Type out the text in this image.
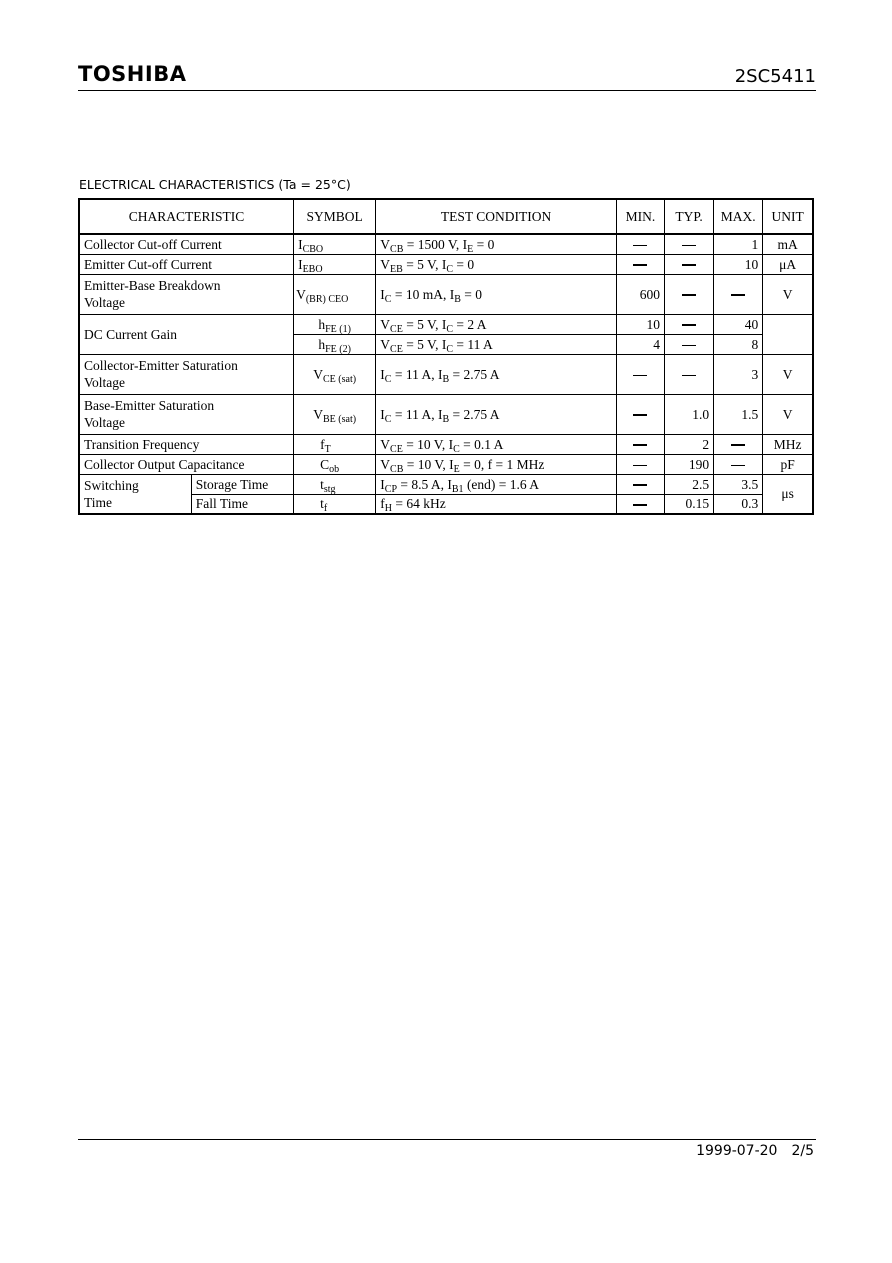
TOSHIBA	2SC5411
ELECTRICAL CHARACTERISTICS (Ta = 25°C)
CHARACTERISTIC		SYMBOL	TEST CONDITION	MIN.	TYP.	MAX.	UNIT
Collector Cut-off Current		$I_{CBO}$	$V_{CB} = 1500$ V, $I_E = 0$			1	mA
Emitter Cut-off Current		$I_{EBO}$	$V_{EB} = 5$ V, $I_C = 0$			10	μA
Emitter-Base Breakdown
Voltage		$V_{(BR) CEO}$	$I_C = 10$ mA, $I_B = 0$	600			V
DC Current Gain		$h_{FE (1)}$	$V_{CE} = 5$ V, $I_C = 2$ A	10		40	
		$h_{FE (2)}$	$V_{CE} = 5$ V, $I_C = 11$ A	4		8	
Collector-Emitter Saturation
Voltage		$V_{CE (sat)}$	$I_C = 11$ A, $I_B = 2.75$ A			3	V
Base-Emitter Saturation
Voltage		$V_{BE (sat)}$	$I_C = 11$ A, $I_B = 2.75$ A		1.0	1.5	V
Transition Frequency		$f_T$	$V_{CE} = 10$ V, $I_C = 0.1$ A		2		MHz
Collector Output Capacitance		$C_{ob}$	$V_{CB} = 10$ V, $I_E = 0$, f = 1 MHz		190		pF
Switching
Time	Storage Time	$t_{stg}$	$I_{CP} = 8.5$ A, $I_{B1}$ (end) = 1.6 A		2.5	3.5	μs
	Fall Time	$t_f$	$f_H = 64$ kHz		0.15	0.3	
1999-07-20 2/5
